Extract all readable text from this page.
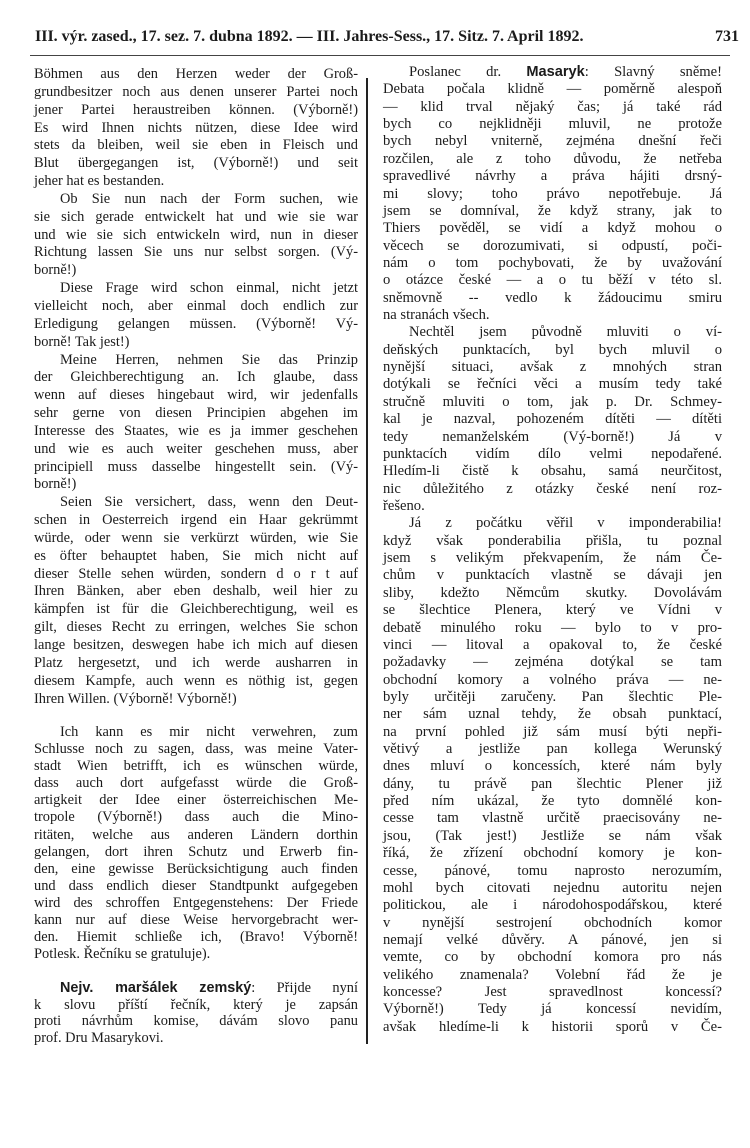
III. výr. zased., 17. sez. 7. dubna 1892. — III. Jahres-Sess., 17. Sitz. 7. April 1892.	731
Böhmen aus den Herzen weder der Groß-
grundbesitzer noch aus denen unserer Partei noch
jener Partei heraustreiben können. (Výborně!)
Es wird Ihnen nichts nützen, diese Idee wird
stets da bleiben, weil sie eben in Fleisch und
Blut übergegangen ist, (Výborně!) und seit
jeher hat es bestanden.
Ob Sie nun nach der Form suchen, wie
sie sich gerade entwickelt hat und wie sie war
und wie sie sich entwickeln wird, nun in dieser
Richtung lassen Sie uns nur selbst sorgen. (Vý-
borně!)
Diese Frage wird schon einmal, nicht jetzt
vielleicht noch, aber einmal doch endlich zur
Erledigung gelangen müssen. (Výborně! Vý-
borně! Tak jest!)
Meine Herren, nehmen Sie das Prinzip
der Gleichberechtigung an. Ich glaube, dass
wenn auf dieses hingebaut wird, wir jedenfalls
sehr gerne von diesen Principien abgehen im
Interesse des Staates, wie es ja immer geschehen
und wie es auch weiter geschehen muss, aber
principiell muss dasselbe hingestellt sein. (Vý-
borně!)
Seien Sie versichert, dass, wenn den Deut-
schen in Oesterreich irgend ein Haar gekrümmt
würde, oder wenn sie verkürzt würden, wie Sie
es öfter behauptet haben, Sie mich nicht auf
dieser Stelle sehen würden, sondern d o r t auf
Ihren Bänken, aber eben deshalb, weil hier zu
kämpfen ist für die Gleichberechtigung, weil es
gilt, dieses Recht zu erringen, welches Sie schon
lange besitzen, deswegen habe ich mich auf diesen
Platz hergesetzt, und ich werde ausharren in
diesem Kampfe, auch wenn es nöthig ist, gegen
Ihren Willen. (Výborně! Výborně!)
Ich kann es mir nicht verwehren, zum
Schlusse noch zu sagen, dass, was meine Vater-
stadt Wien betrifft, ich es wünschen würde,
dass auch dort aufgefasst würde die Groß-
artigkeit der Idee einer österreichischen Me-
tropole (Výborně!) dass auch die Mino-
ritäten, welche aus anderen Ländern dorthin
gelangen, dort ihren Schutz und Erwerb fin-
den, eine gewisse Berücksichtigung auch finden
und dass endlich dieser Standtpunkt aufgegeben
wird des schroffen Entgegenstehens: Der Friede
kann nur auf diese Weise hervorgebracht wer-
den. Hiemit schließe ich, (Bravo! Výborně!
Potlesk. Řečníku se gratuluje).
Nejv. maršálek zemský: Přijde nyní
k slovu příští řečník, který je zapsán
proti návrhům komise, dávám slovo panu
prof. Dru Masarykovi.
Poslanec dr. Masaryk: Slavný sněme!
Debata počala klidně — poměrně alespoň
— klid trval nějaký čas; já také rád
bych co nejklidněji mluvil, ne protože
bych nebyl vniterně, zejména dnešní řeči
rozčilen, ale z toho důvodu, že netřeba
spravedlivé návrhy a práva hájiti drsný-
mi slovy; toho právo nepotřebuje. Já
jsem se domníval, že když strany, jak to
Thiers pověděl, se vidí a když mohou o
věcech se dorozumivati, si odpustí, poči-
nám o tom pochybovati, že by uvažování
o otázce české — a o tu běží v této sl.
sněmovně -- vedlo k žádoucimu smiru
na stranách všech.
Nechtěl jsem původně mluviti o ví-
deňských punktacích, byl bych mluvil o
nynější situaci, avšak z mnohých stran
dotýkali se řečníci věci a musím tedy také
stručně mluviti o tom, jak p. Dr. Schmey-
kal je nazval, pohozeném dítěti — dítěti
tedy nemanželském (Vý-borně!) Já v
punktacích vidím dílo velmi nepodařené.
Hledím-li čistě k obsahu, samá neurčitost,
nic důležitého z otázky české není roz-
řešeno.
Já z počátku věřil v imponderabilia!
když však ponderabilia přišla, tu poznal
jsem s velikým překvapením, že nám Če-
chům v punktacích vlastně se dávaji jen
sliby, kdežto Němcům skutky. Dovolávám
se šlechtice Plenera, který ve Vídni v
debatě minulého roku — bylo to v pro-
vinci — litoval a opakoval to, že české
požadavky — zejména dotýkal se tam
obchodní komory a volného práva — ne-
byly určitěji zaručeny. Pan šlechtic Ple-
ner sám uznal tehdy, že obsah punktací,
na první pohled již sám musí býti nepři-
větivý a jestliže pan kollega Werunský
dnes mluví o koncessích, které nám byly
dány, tu právě pan šlechtic Plener již
před ním ukázal, že tyto domnělé kon-
cesse tam vlastně určitě praecisovány ne-
jsou, (Tak jest!) Jestliže se nám však
říká, že zřízení obchodní komory je kon-
cesse, pánové, tomu naprosto nerozumím,
mohl bych citovati nejednu autoritu nejen
politickou, ale i národohospodářskou, které
v nynější sestrojení obchodních komor
nemají velké důvěry. A pánové, jen si
vemte, co by obchodní komora pro nás
velikého znamenala? Volební řád že je
koncesse? Jest spravedlnost koncessí?
Výborně!) Tedy já koncessí nevidím,
avšak hledíme-li k historii sporů v Če-
